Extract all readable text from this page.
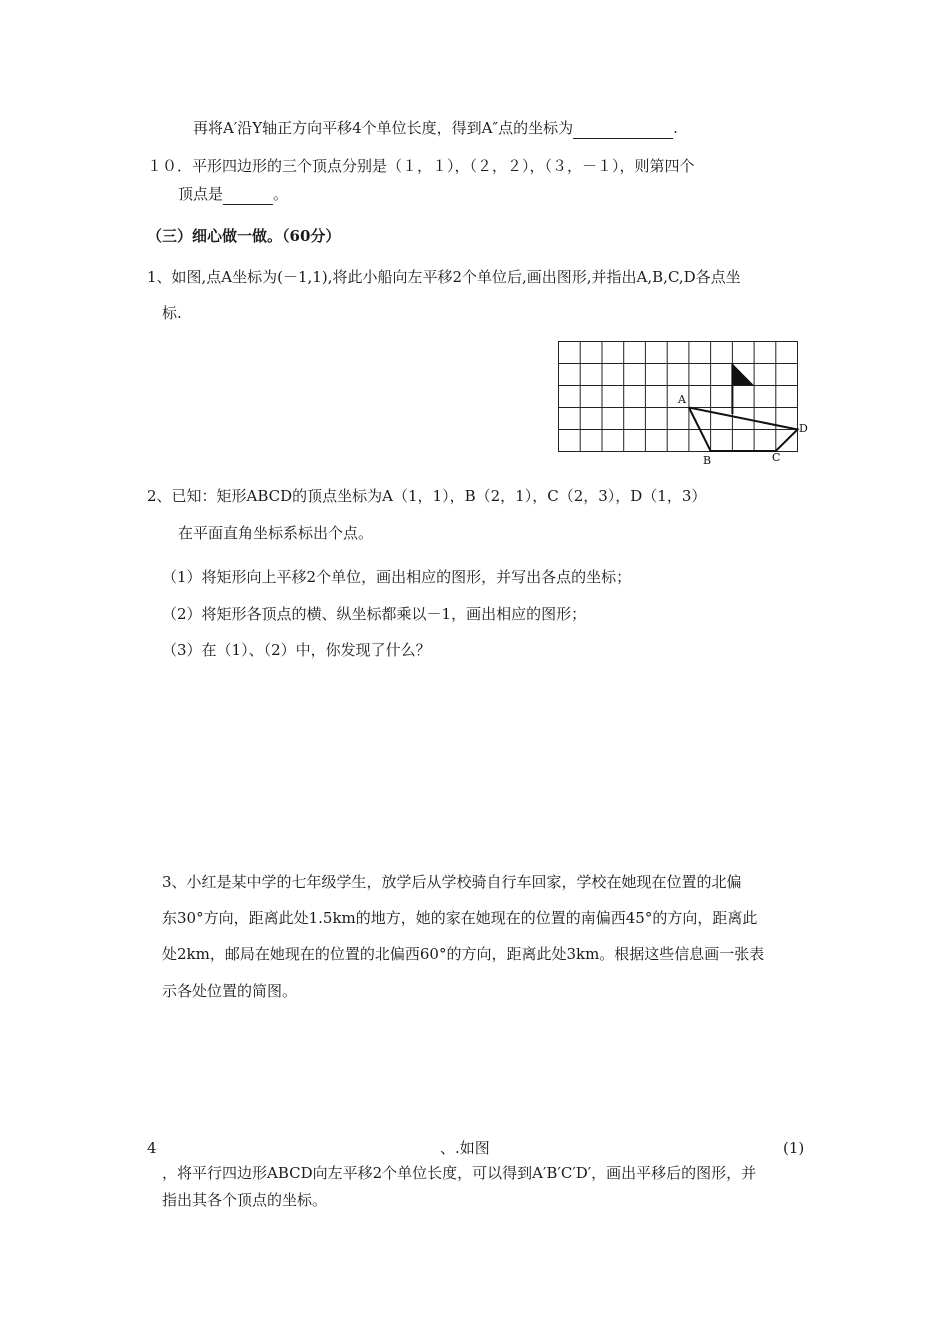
再将A′沿Y轴正方向平移4个单位长度，得到A″点的坐标为	.
１０．平形四边形的三个顶点分别是（１，１），（２，２），（３，－１），则第四个
顶点是	。
（三）细心做一做。（60分）
1、如图,点A坐标为(－1,1),将此小船向左平移2个单位后,画出图形,并指出A,B,C,D各点坐
标.
A
B	C
D
2、已知：矩形ABCD的顶点坐标为A（1，1），B（2，1），C（2，3），D（1，3）
在平面直角坐标系标出个点。
（1）将矩形向上平移2个单位，画出相应的图形，并写出各点的坐标；
（2）将矩形各顶点的横、纵坐标都乘以－1，画出相应的图形；
（3）在（1）、（2）中，你发现了什么？
3、小红是某中学的七年级学生，放学后从学校骑自行车回家，学校在她现在位置的北偏
东30°方向，距离此处1.5km的地方，她的家在她现在的位置的南偏西45°的方向，距离此
处2km，邮局在她现在的位置的北偏西60°的方向，距离此处3km。根据这些信息画一张表
示各处位置的简图。
4	、.如图	(1)
，将平行四边形ABCD向左平移2个单位长度，可以得到A′B′C′D′，画出平移后的图形，并
指出其各个顶点的坐标。
